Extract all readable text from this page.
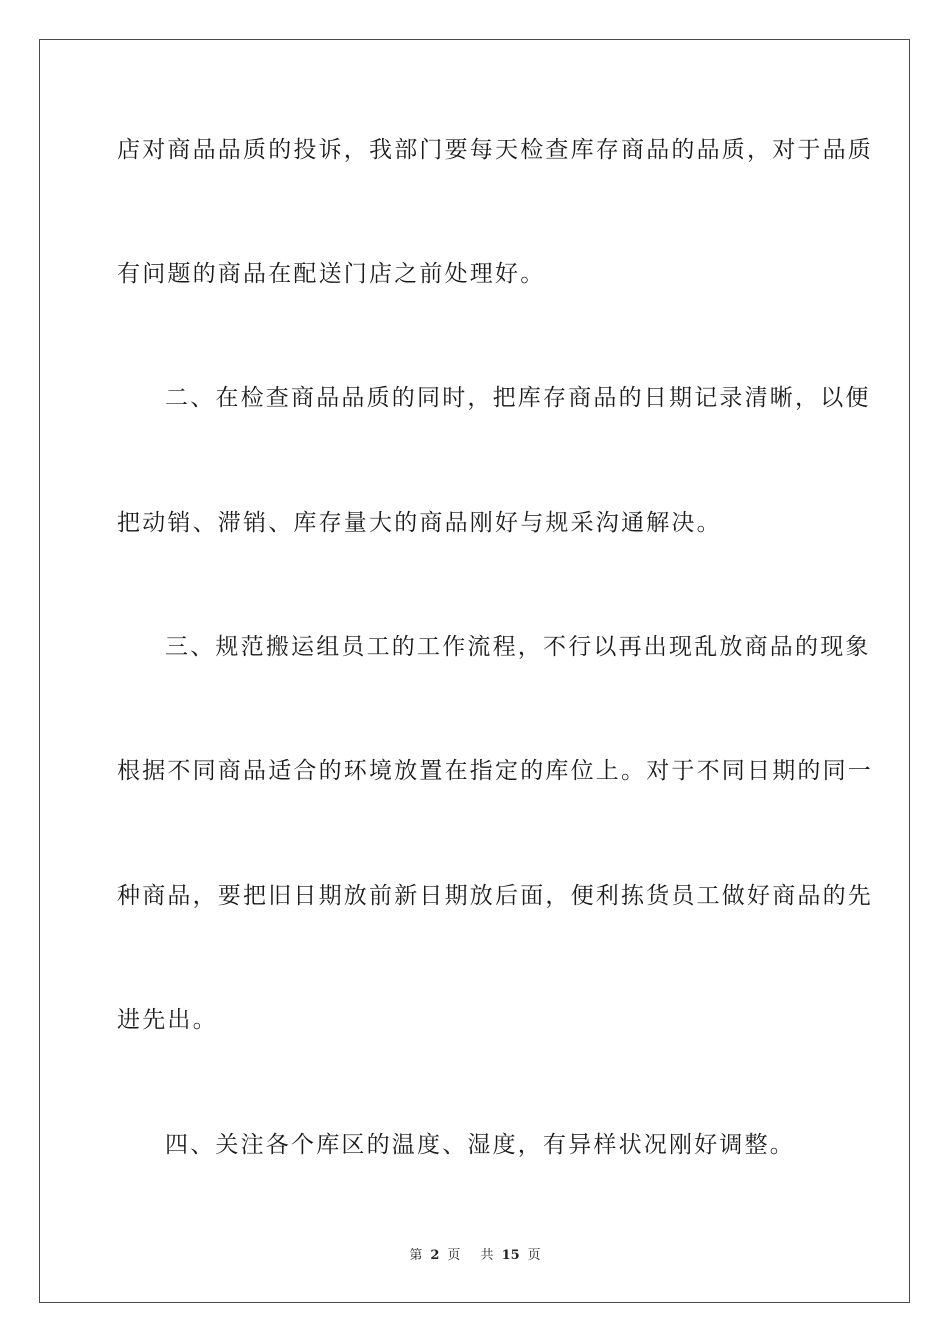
店对商品品质的投诉，我部门要每天检查库存商品的品质，对于品质
有问题的商品在配送门店之前处理好。
二、在检查商品品质的同时，把库存商品的日期记录清晰，以便
把动销、滞销、库存量大的商品刚好与规采沟通解决。
三、规范搬运组员工的工作流程，不行以再出现乱放商品的现象
根据不同商品适合的环境放置在指定的库位上。对于不同日期的同一
种商品，要把旧日期放前新日期放后面，便利拣货员工做好商品的先
进先出。
四、关注各个库区的温度、湿度，有异样状况刚好调整。
第 2 页 共 15 页
